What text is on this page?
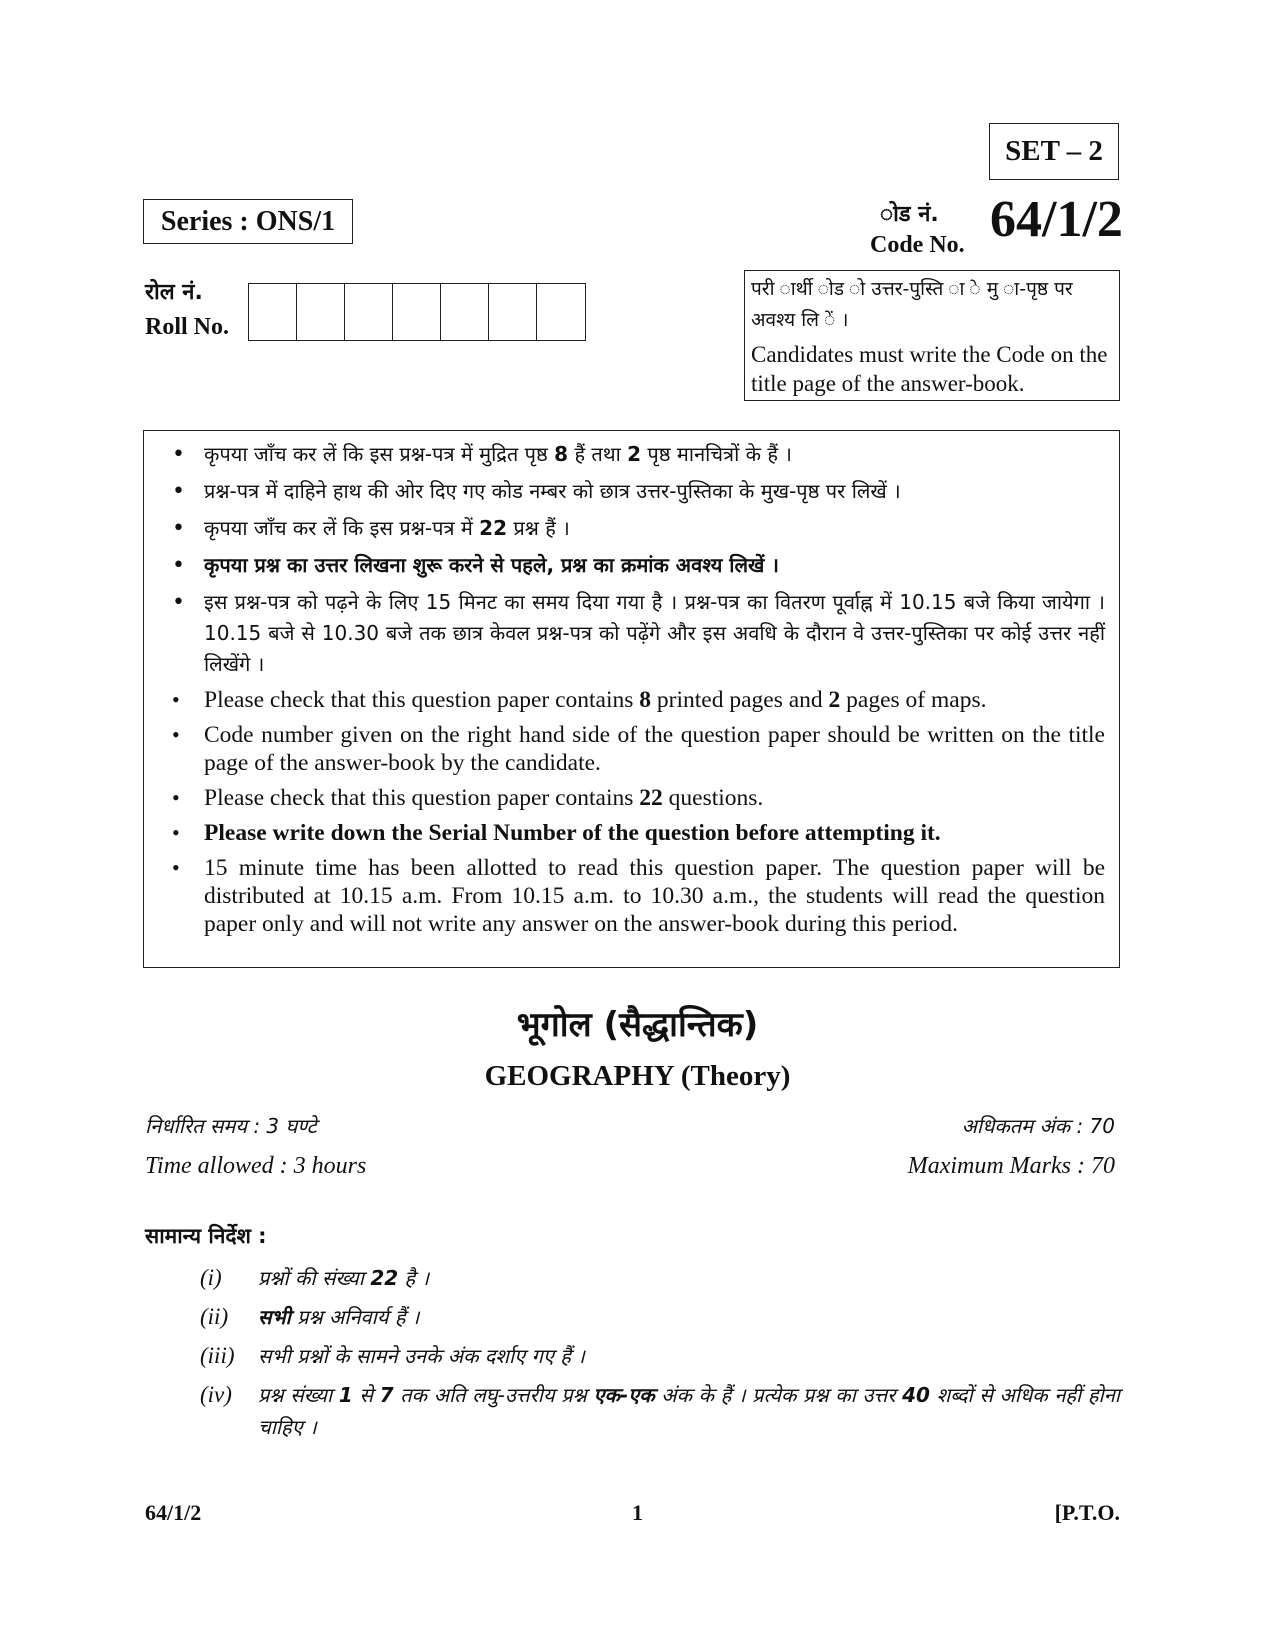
SET – 2
Series : ONS/1	ोड नं.
Code No. 64/1/2
रोल नं.
Roll No.
परी ार्थी ोड ो उत्तर-पुस्ति ा े मु ा-पृष्ठ पर अवश्य लि ें ।
Candidates must write the Code on the title page of the answer-book.
• कृपया जाँच कर लें कि इस प्रश्न-पत्र में मुद्रित पृष्ठ 8 हैं तथा 2 पृष्ठ मानचित्रों के हैं ।
• प्रश्न-पत्र में दाहिने हाथ की ओर दिए गए कोड नम्बर को छात्र उत्तर-पुस्तिका के मुख-पृष्ठ पर लिखें ।
• कृपया जाँच कर लें कि इस प्रश्न-पत्र में 22 प्रश्न हैं ।
• कृपया प्रश्न का उत्तर लिखना शुरू करने से पहले, प्रश्न का क्रमांक अवश्य लिखें ।
• इस प्रश्न-पत्र को पढ़ने के लिए 15 मिनट का समय दिया गया है । प्रश्न-पत्र का वितरण पूर्वाह्न में 10.15 बजे किया जायेगा । 10.15 बजे से 10.30 बजे तक छात्र केवल प्रश्न-पत्र को पढ़ेंगे और इस अवधि के दौरान वे उत्तर-पुस्तिका पर कोई उत्तर नहीं लिखेंगे ।
• Please check that this question paper contains 8 printed pages and 2 pages of maps.
• Code number given on the right hand side of the question paper should be written on the title page of the answer-book by the candidate.
• Please check that this question paper contains 22 questions.
• Please write down the Serial Number of the question before attempting it.
• 15 minute time has been allotted to read this question paper. The question paper will be distributed at 10.15 a.m. From 10.15 a.m. to 10.30 a.m., the students will read the question paper only and will not write any answer on the answer-book during this period.
भूगोल (सैद्धान्तिक)
GEOGRAPHY (Theory)
निर्धारित समय : 3 घण्टे
Time allowed : 3 hours
अधिकतम अंक : 70
Maximum Marks : 70
सामान्य निर्देश :
(i)	प्रश्नों की संख्या 22 है ।
(ii)	सभी प्रश्न अनिवार्य हैं ।
(iii)	सभी प्रश्नों के सामने उनके अंक दर्शाए गए हैं ।
(iv)	प्रश्न संख्या 1 से 7 तक अति लघु-उत्तरीय प्रश्न एक-एक अंक के हैं । प्रत्येक प्रश्न का उत्तर 40 शब्दों से अधिक नहीं होना चाहिए ।
64/1/2	1	[P.T.O.
